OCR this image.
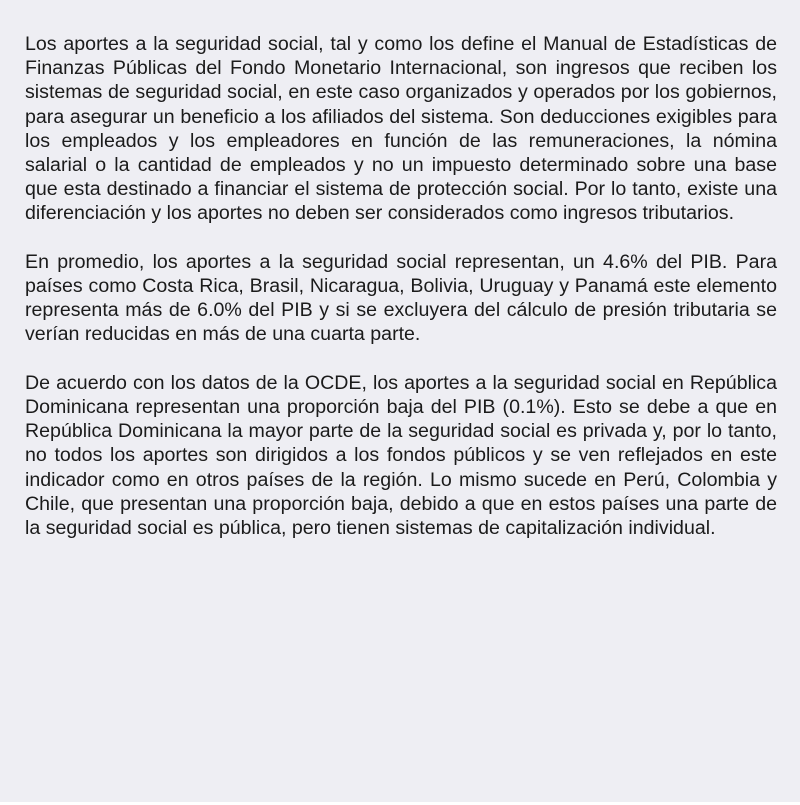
Los aportes a la seguridad social, tal y como los define el Manual de Estadísticas de Finanzas Públicas del Fondo Monetario Internacional, son ingresos que reciben los sistemas de seguridad social, en este caso organizados y operados por los gobiernos, para asegurar un beneficio a los afiliados del sistema. Son deducciones exigibles para los empleados y los empleadores en función de las remuneraciones, la nómina salarial o la cantidad de empleados y no un impuesto determinado sobre una base que esta destinado a financiar el sistema de protección social. Por lo tanto, existe una diferenciación y los aportes no deben ser considerados como ingresos tributarios.

En promedio, los aportes a la seguridad social representan, un 4.6% del PIB. Para países como Costa Rica, Brasil, Nicaragua, Bolivia, Uruguay y Panamá este elemento representa más de 6.0% del PIB y si se excluyera del cálculo de presión tributaria se verían reducidas en más de una cuarta parte.

De acuerdo con los datos de la OCDE, los aportes a la seguridad social en República Dominicana representan una proporción baja del PIB (0.1%). Esto se debe a que en República Dominicana la mayor parte de la seguridad social es privada y, por lo tanto, no todos los aportes son dirigidos a los fondos públicos y se ven reflejados en este indicador como en otros países de la región. Lo mismo sucede en Perú, Colombia y Chile, que presentan una proporción baja, debido a que en estos países una parte de la seguridad social es pública, pero tienen sistemas de capitalización individual.
